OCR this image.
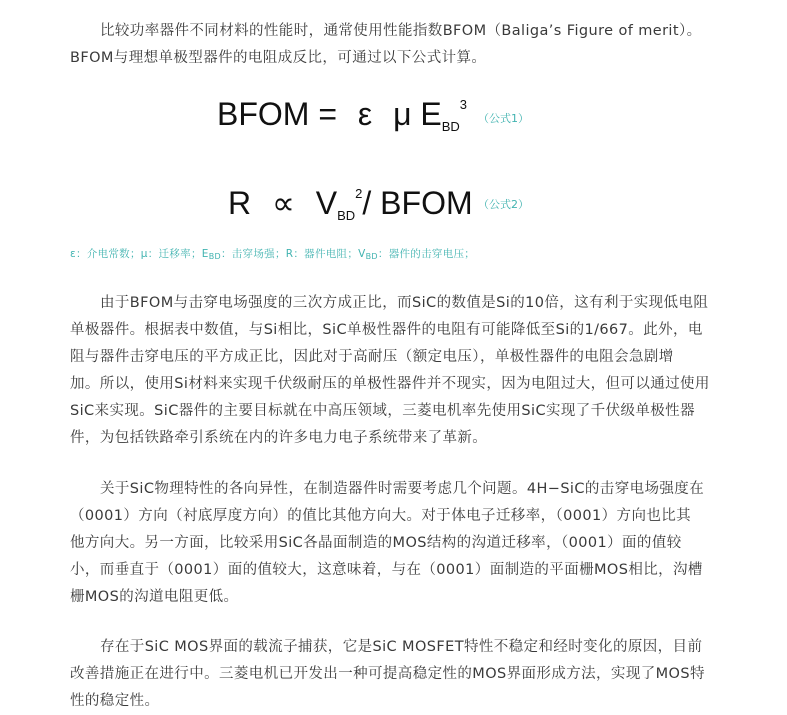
比较功率器件不同材料的性能时，通常使用性能指数BFOM（Baliga’s Figure of merit）。
BFOM与理想单极型器件的电阻成反比，可通过以下公式计算。
BFOM = ε μ $E_{BD}^3$
（公式1）
$R \propto V_{BD}^2/$ BFOM （公式2）
ε：介电常数；μ：迁移率；$E_{BD}$：击穿场强；R：器件电阻；$V_{BD}$：器件的击穿电压；
由于BFOM与击穿电场强度的三次方成正比，而SiC的数值是Si的10倍，这有利于实现低电阻
单极器件。根据表中数值，与Si相比，SiC单极性器件的电阻有可能降低至Si的1/667。此外，电
阻与器件击穿电压的平方成正比，因此对于高耐压（额定电压），单极性器件的电阻会急剧增
加。所以，使用Si材料来实现千伏级耐压的单极性器件并不现实，因为电阻过大，但可以通过使用
SiC来实现。SiC器件的主要目标就在中高压领域，三菱电机率先使用SiC实现了千伏级单极性器
件，为包括铁路牵引系统在内的许多电力电子系统带来了革新。
关于SiC物理特性的各向异性，在制造器件时需要考虑几个问题。4H−SiC的击穿电场强度在
（0001）方向（衬底厚度方向）的值比其他方向大。对于体电子迁移率，（0001）方向也比其
他方向大。另一方面，比较采用SiC各晶面制造的MOS结构的沟道迁移率，（0001）面的值较
小，而垂直于（0001）面的值较大，这意味着，与在（0001）面制造的平面栅MOS相比，沟槽
栅MOS的沟道电阻更低。
存在于SiC MOS界面的载流子捕获，它是SiC MOSFET特性不稳定和经时变化的原因，目前
改善措施正在进行中。三菱电机已开发出一种可提高稳定性的MOS界面形成方法，实现了MOS特
性的稳定性。
